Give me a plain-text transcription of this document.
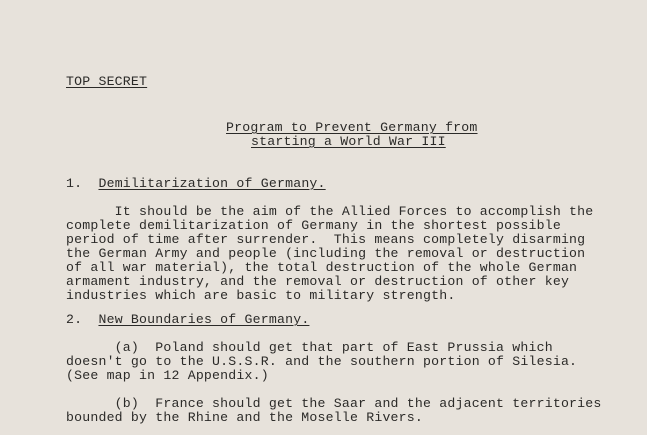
TOP SECRET
Program to Prevent Germany from
starting a World War III
1. Demilitarization of Germany.
It should be the aim of the Allied Forces to accomplish the
complete demilitarization of Germany in the shortest possible
period of time after surrender.  This means completely disarming
the German Army and people (including the removal or destruction
of all war material), the total destruction of the whole German
armament industry, and the removal or destruction of other key
industries which are basic to military strength.
2. New Boundaries of Germany.
(a)  Poland should get that part of East Prussia which
doesn't go to the U.S.S.R. and the southern portion of Silesia.
(See map in 12 Appendix.)
(b)  France should get the Saar and the adjacent territories
bounded by the Rhine and the Moselle Rivers.
